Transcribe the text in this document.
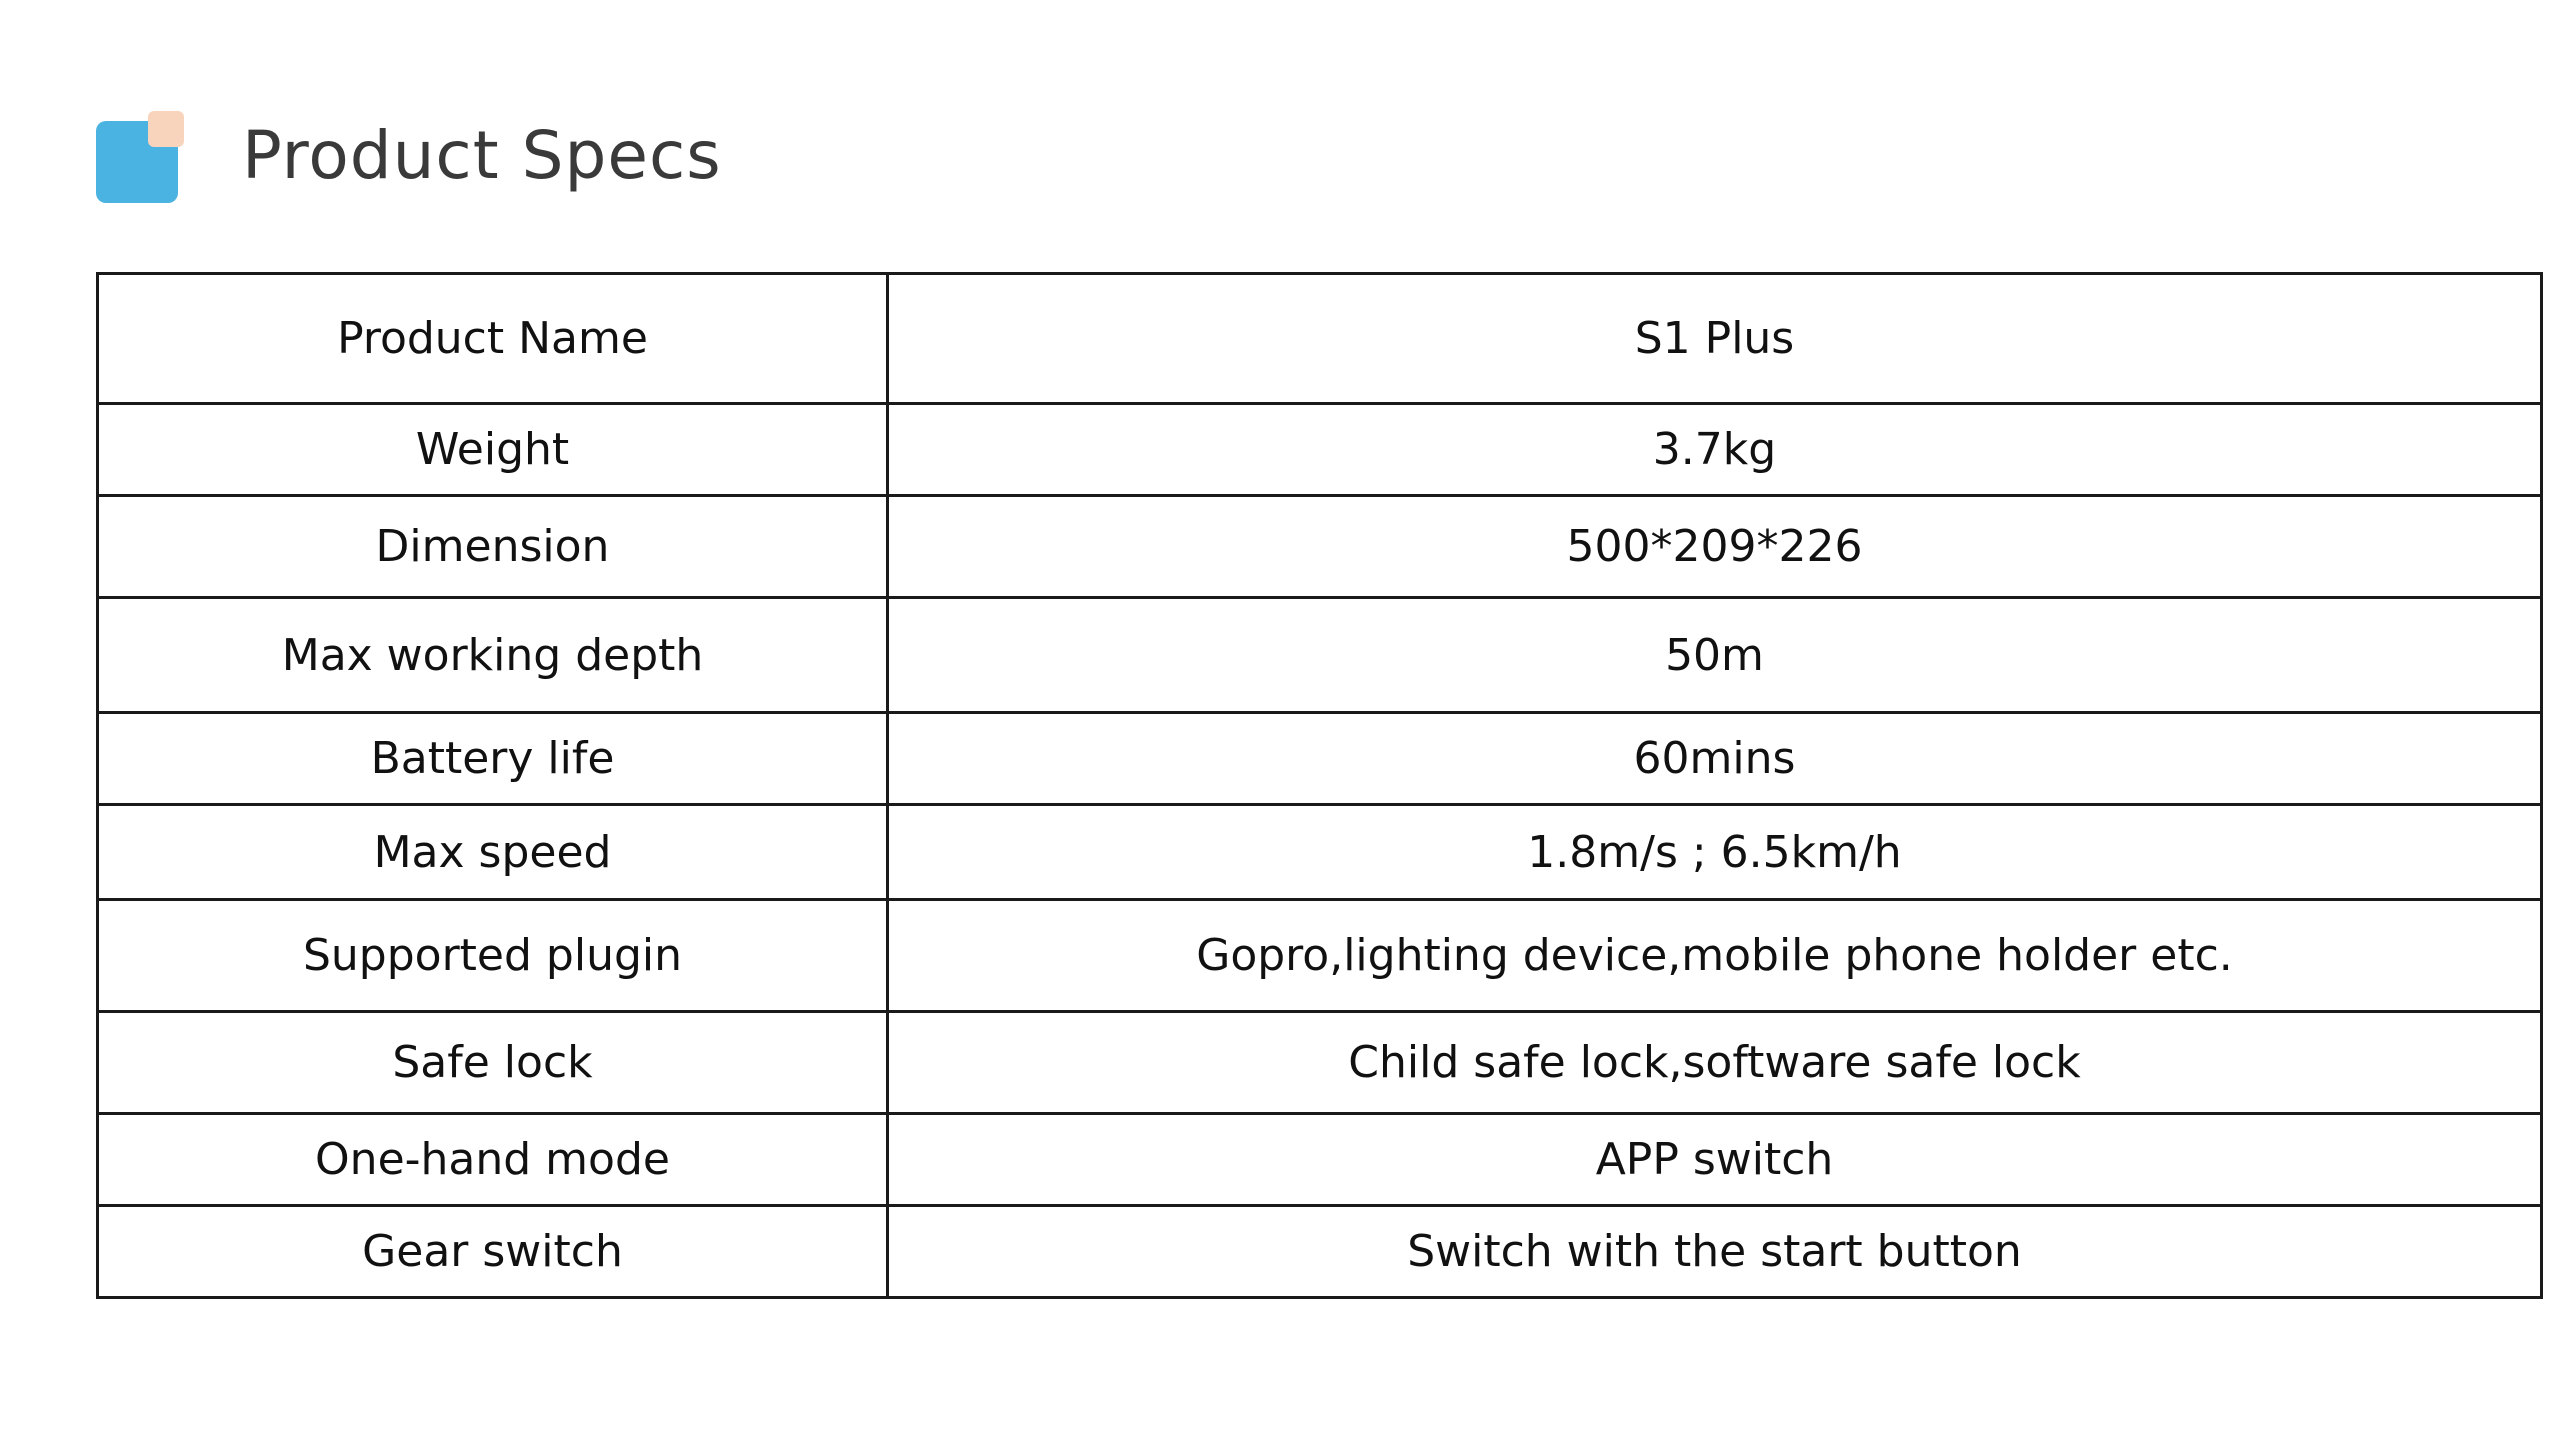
Product Specs
Product Name	S1 Plus
Weight	3.7kg
Dimension	500*209*226
Max working depth	50m
Battery life	60mins
Max speed	1.8m/s ; 6.5km/h
Supported plugin	Gopro,lighting device,mobile phone holder etc.
Safe lock	Child safe lock,software safe lock
One-hand mode	APP switch
Gear switch	Switch with the start button
